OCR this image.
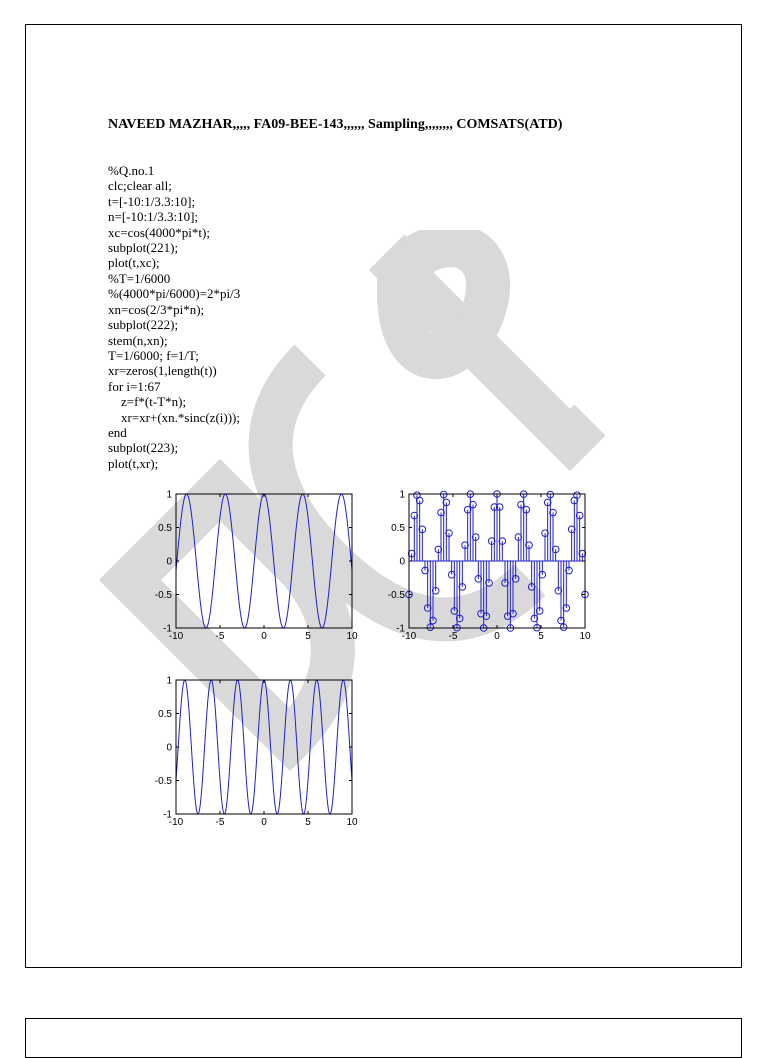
NAVEED MAZHAR,,,,, FA09-BEE-143,,,,,, Sampling,,,,,,,, COMSATS(ATD)

%Q.no.1
clc;clear all;
t=[-10:1/3.3:10];
n=[-10:1/3.3:10];
xc=cos(4000*pi*t);
subplot(221);
plot(t,xc);
%T=1/6000
%(4000*pi/6000)=2*pi/3
xn=cos(2/3*pi*n);
subplot(222);
stem(n,xn);
T=1/6000; f=1/T;
xr=zeros(1,length(t))
for i=1:67
z=f*(t-T*n);
xr=xr+(xn.*sinc(z(i)));
end
subplot(223);
plot(t,xr);

-10	-5	0	5	10
1
0.5
0
-0.5
-1
-10	-5	0	5	10
1
0.5
0
-0.5
-1
-10	-5	0	5	10
1
0.5
0
-0.5
-1
